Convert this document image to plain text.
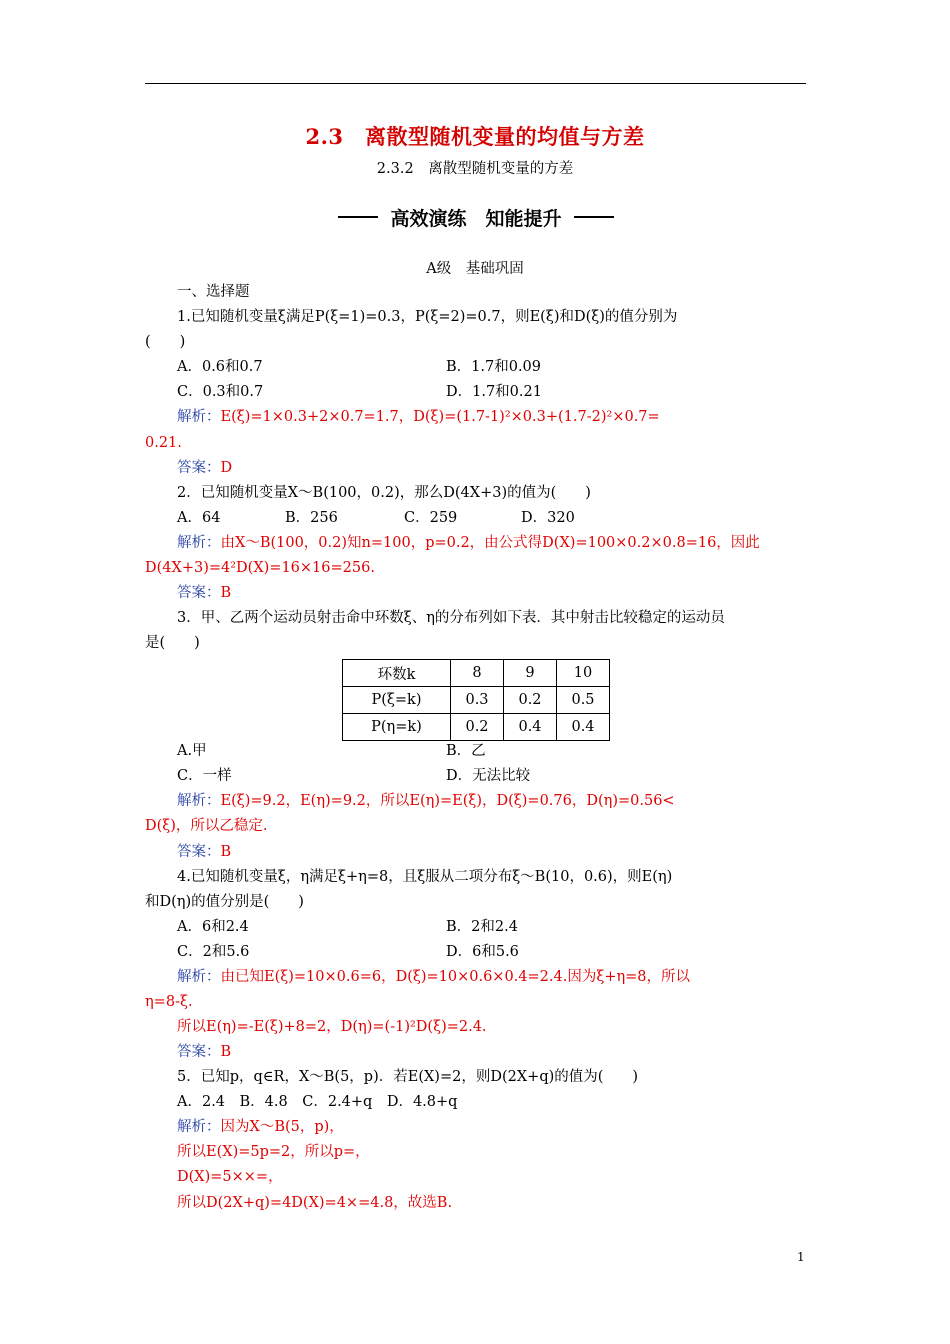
2.3　离散型随机变量的均值与方差
2.3.2　离散型随机变量的方差
高效演练　知能提升
A级　基础巩固
一、选择题
1.已知随机变量ξ满足P(ξ=1)=0.3，P(ξ=2)=0.7，则E(ξ)和D(ξ)的值分别为
(　　)
A．0.6和0.7	B．1.7和0.09
C．0.3和0.7	D．1.7和0.21
解析：E(ξ)=1×0.3+2×0.7=1.7，D(ξ)=(1.7-1)²×0.3+(1.7-2)²×0.7=
0.21.
答案：D
2．已知随机变量X～B(100，0.2)，那么D(4X+3)的值为(　　)
A．64	B．256	C．259	D．320
解析：由X～B(100，0.2)知n=100，p=0.2，由公式得D(X)=100×0.2×0.8=16，因此
D(4X+3)=4²D(X)=16×16=256.
答案：B
3．甲、乙两个运动员射击命中环数ξ、η的分布列如下表．其中射击比较稳定的运动员
是(　　)
环数k	8	9	10
P(ξ=k)	0.3	0.2	0.5
P(η=k)	0.2	0.4	0.4
A.甲	B．乙
C．一样	D．无法比较
解析：E(ξ)=9.2，E(η)=9.2，所以E(η)=E(ξ)，D(ξ)=0.76，D(η)=0.56<
D(ξ)，所以乙稳定.
答案：B
4.已知随机变量ξ，η满足ξ+η=8，且ξ服从二项分布ξ～B(10，0.6)，则E(η)
和D(η)的值分别是(　　)
A．6和2.4	B．2和2.4
C．2和5.6	D．6和5.6
解析：由已知E(ξ)=10×0.6=6，D(ξ)=10×0.6×0.4=2.4.因为ξ+η=8，所以
η=8-ξ.
所以E(η)=-E(ξ)+8=2，D(η)=(-1)²D(ξ)=2.4.
答案：B
5．已知p，q∈R，X～B(5，p)．若E(X)=2，则D(2X+q)的值为(　　)
A．2.4　B．4.8　C．2.4+q　D．4.8+q
解析：因为X～B(5，p)，
所以E(X)=5p=2，所以p=，
D(X)=5××=，
所以D(2X+q)=4D(X)=4×=4.8，故选B.
1
